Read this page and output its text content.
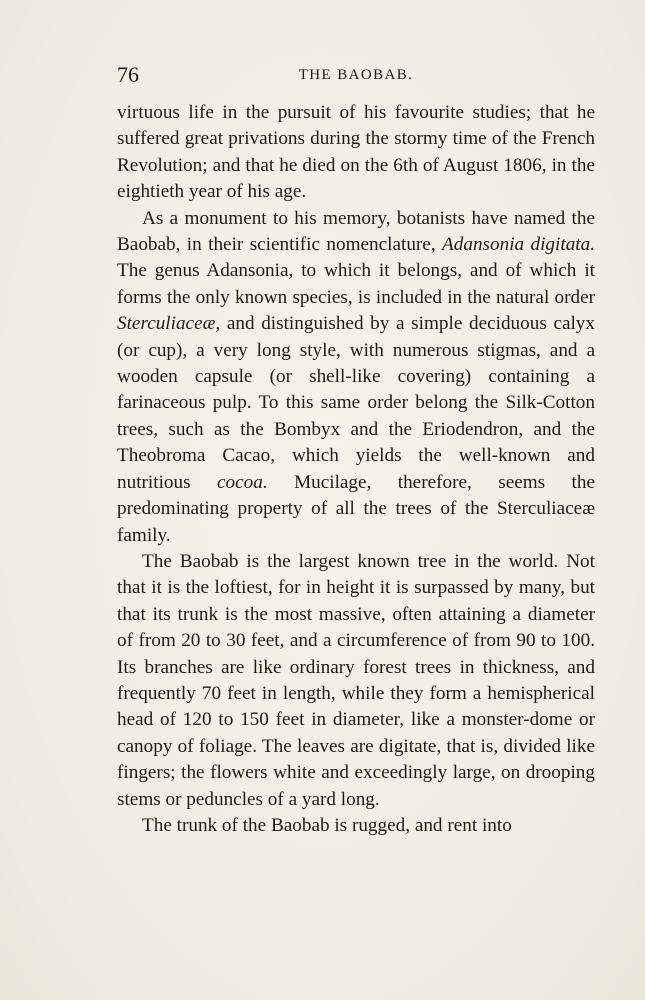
76	THE BAOBAB.

virtuous life in the pursuit of his favourite studies; that he suffered great privations during the stormy time of the French Revolution; and that he died on the 6th of August 1806, in the eightieth year of his age.

As a monument to his memory, botanists have named the Baobab, in their scientific nomenclature, Adansonia digitata. The genus Adansonia, to which it belongs, and of which it forms the only known species, is included in the natural order Sterculiaceæ, and distinguished by a simple deciduous calyx (or cup), a very long style, with numerous stigmas, and a wooden capsule (or shell-like covering) containing a farinaceous pulp. To this same order belong the Silk-Cotton trees, such as the Bombyx and the Eriodendron, and the Theobroma Cacao, which yields the well-known and nutritious cocoa. Mucilage, therefore, seems the predominating property of all the trees of the Sterculiaceæ family.

The Baobab is the largest known tree in the world. Not that it is the loftiest, for in height it is surpassed by many, but that its trunk is the most massive, often attaining a diameter of from 20 to 30 feet, and a circumference of from 90 to 100. Its branches are like ordinary forest trees in thickness, and frequently 70 feet in length, while they form a hemispherical head of 120 to 150 feet in diameter, like a monster-dome or canopy of foliage. The leaves are digitate, that is, divided like fingers; the flowers white and exceedingly large, on drooping stems or peduncles of a yard long.

The trunk of the Baobab is rugged, and rent into
